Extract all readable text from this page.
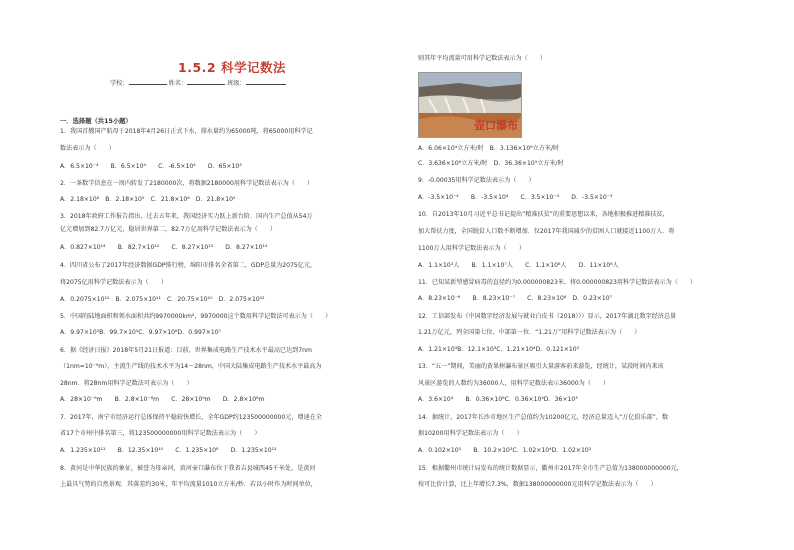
1.5.2 科学记数法
学校：	姓名：	班级：
一．选择题（共15小题）
1．我国首艘国产航母于2018年4月26日正式下水，排水量约为65000吨，将65000用科学记
数法表示为（　　）
A．6.5×10⁻⁴　　B．6.5×10⁴　　C．-6.5×10⁴　　D．65×10³
2．一条数学信息在一周内转发了2180000次，将数据2180000用科学记数法表示为（　　）
A．2.18×10⁶　B．2.18×10⁵　C．21.8×10⁶　D．21.8×10⁵
3．2018年政府工作报告指出，过去五年来，我国经济实力跃上新台阶．国内生产总值从54万
亿元增加到82.7万亿元，稳居世界第二，82.7万亿用科学记数法表示为（　　）
A．0.827×10¹⁴　　B．82.7×10¹²　　C．8.27×10¹³　　D．8.27×10¹⁴
4．四川省公布了2017年经济数据GDP排行榜，绵阳市排名全省第二，GDP总量为2075亿元，
将2075亿用科学记数法表示为（　　）
A．0.2075×10¹²　B．2.075×10¹¹　C．20.75×10¹⁰　D．2.075×10¹²
5．中国的陆地面积和领水面积共约9970000km²，9970000这个数用科学记数法可表示为（　　）
A．9.97×10⁵B．99.7×10⁵C．9.97×10⁶D．0.997×10⁷
6．据《经济日报》2018年5月21日报道：目前，世界集成电路生产技术水平最高已达到7nm
（1nm=10⁻⁹m），主流生产线的技术水平为14～28nm，中国大陆集成电路生产技术水平最高为
28nm．将28nm用科学记数法可表示为（　　）
A．28×10⁻⁹m　　B．2.8×10⁻⁸m　　C．28×10⁹m　　D．2.8×10⁸m
7．2017年，南宁市经济运行总体保持平稳较快增长，全年GDP约123500000000元，增速在全
省17个市州中排名第三，将123500000000用科学记数法表示为（　　）
A．1.235×10¹¹　　B．12.35×10¹⁰　　C．1.235×10⁸　　D．1.235×10¹²
8．黄河是中华民族的象征，被誉为母亲河，黄河壶口瀑布位于我省吉县城西45千米处，是黄河
上最具气势的自然景观．其落差约30米，年平均流量1010立方米/秒．若以小时作为时间单位，
则其年平均流量可用科学记数法表示为（　　）
壶口瀑布
A．6.06×10⁴立方米/时　B．3.136×10⁶立方米/时
C．3.636×10⁶立方米/时　D．36.36×10⁵立方米/时
9．-0.00035用科学记数法表示为（　　）
A．-3.5×10⁻⁴　　B．-3.5×10⁴　　C．3.5×10⁻⁴　　D．-3.5×10⁻³
10．自2013年10月习近平总书记提出“精准扶贫”的重要思想以来，各地积极推进精准扶贫，
加大帮扶力度，全国脱贫人口数不断增加．仅2017年我国减少的贫困人口就接近1100万人．将
1100万人用科学记数法表示为（　　）
A．1.1×10³人　　B．1.1×10⁷人　　C．1.1×10⁸人　　D．11×10⁶人
11．已知某新型感冒病毒的直径约为0.000000823米，将0.000000823用科学记数法表示为（　　）
A．8.23×10⁻⁶　　B．8.23×10⁻⁷　　C．8.23×10⁶　D．0.23×10⁷
12．工信部发布《中国数字经济发展与就业白皮书（2018）》）显示，2017年湖北数字经济总量
1.21万亿元，列全国第七位、中部第一位．“1.21万”用科学记数法表示为（　　）
A．1.21×10³B．12.1×10³C．1.21×10⁴D．0.121×10⁵
13．“五一”期间，美丽的黄果树瀑布景区吸引大量游客前来游览，经统计，某段时间内来该
风景区游览的人数约为36000人，用科学记数法表示36000为（　　）
A．3.6×10⁴　　B．0.36×10⁶C．0.36×10⁴D．36×10³
14．据统计，2017年长沙市地区生产总值约为10200亿元，经济总量迈入“万亿俱乐部”，数
据10200用科学记数法表示为（　　）
A．0.102×10⁵　　B．10.2×10³C．1.02×10⁴D．1.02×10³
15．根据衢州市统计局发布的统计数据显示，衢州市2017年全市生产总值为138000000000元，
按可比价计算，比上年增长7.3%，数据138000000000元用科学记数法表示为（　　）
